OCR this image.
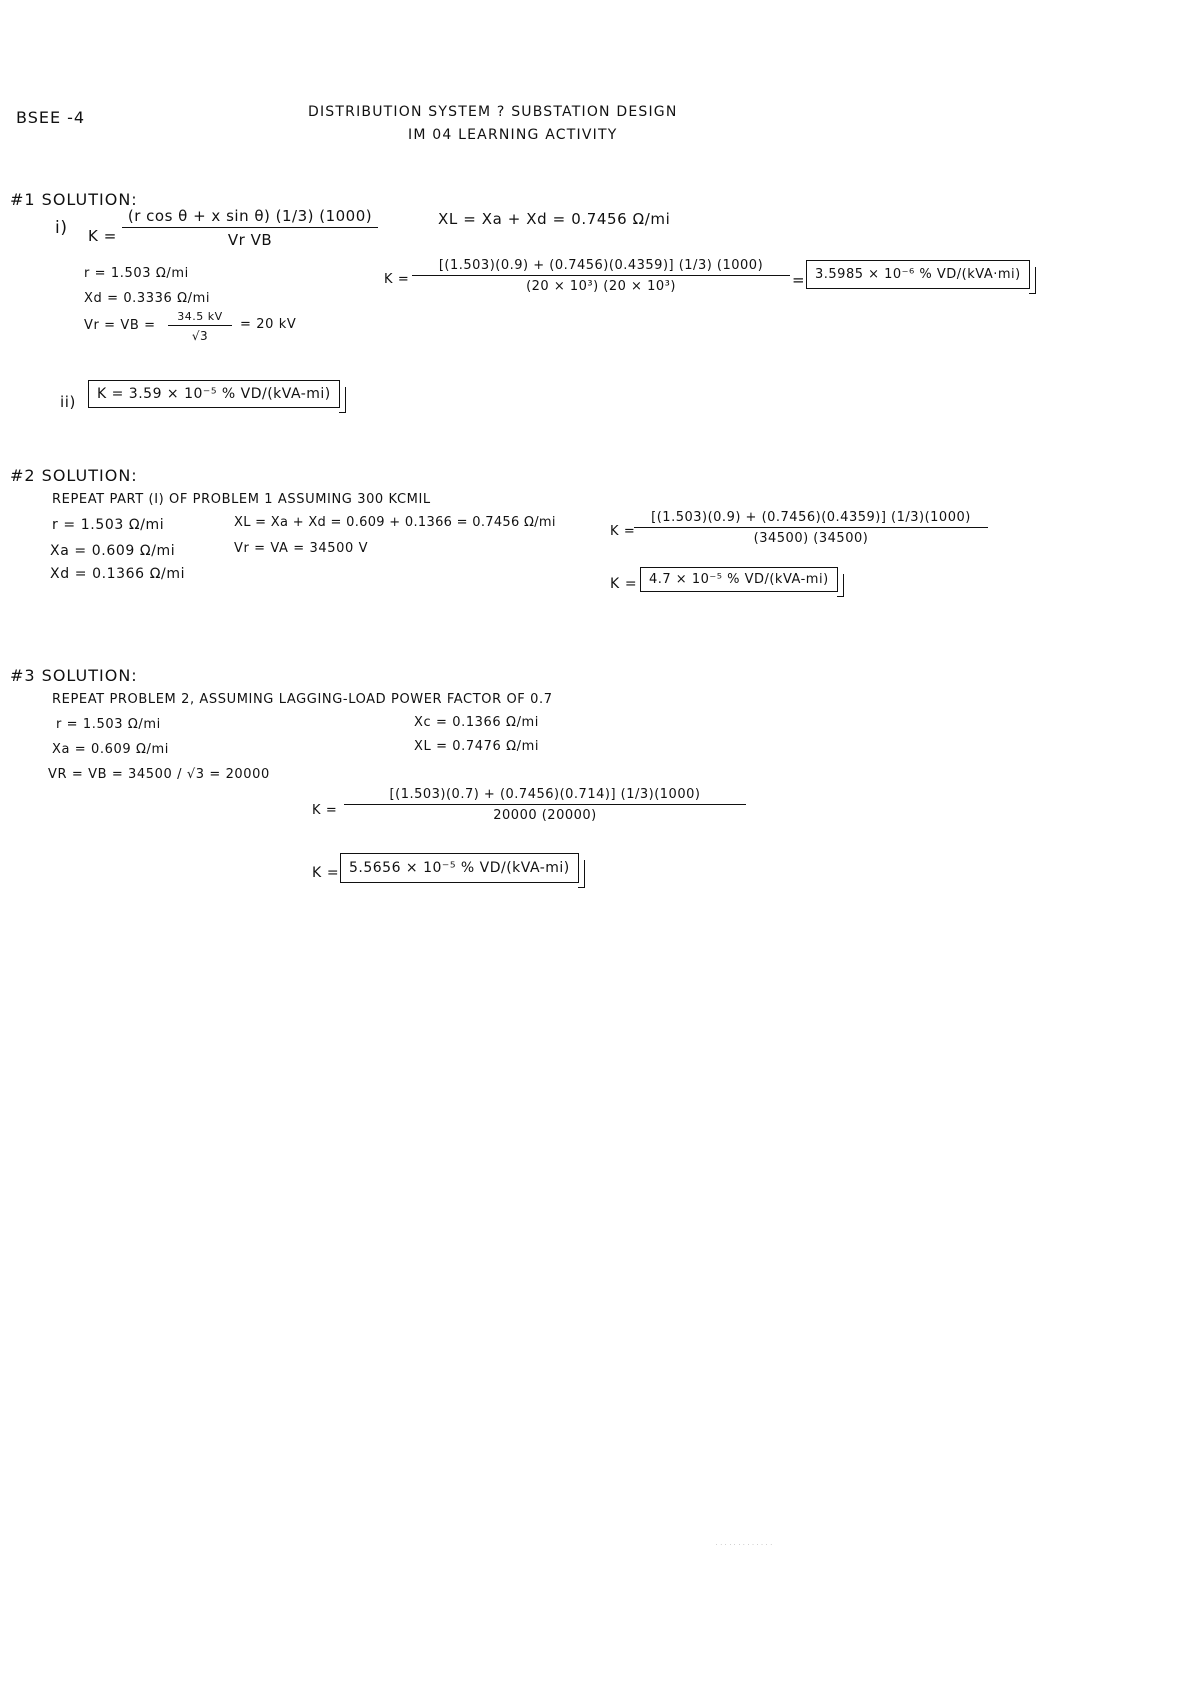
BSEE -4	DISTRIBUTION SYSTEM ? SUBSTATION DESIGN
IM 04 LEARNING ACTIVITY
#1 SOLUTION:
i) $K = \frac{\text{(r cos θ + x sin θ) (1/3) (1000)}}{\text{Vr VB}}$	XL = Xa + Xd = 0.7456 Ω/mi
r = 1.503 Ω/mi
Xd = 0.3336 Ω/mi
Vr = VB = $\frac{34.5 kV}{√3} = 20$ kV
$K = \frac{[(1.503)(0.9) + (0.7456)(0.4359)] (1/3) (1000)}{\text{(20 × 10³) (20 × 10³)}} = 3.5985 \times 10^{-6}$ % VD/(kVA·mi)
ii)	K = 3.59 × 10⁻⁵ % VD/(kVA-mi)
#2 SOLUTION:
REPEAT PART (I) OF PROBLEM 1 ASSUMING 300 KCMIL
r = 1.503 Ω/mi
Xa = 0.609 Ω/mi
Xd = 0.1366 Ω/mi
XL = Xa + Xd = 0.609 + 0.1366 = 0.7456 Ω/mi
Vr = VA = 34500 V
K =
$\frac{[(1.503)(0.9) + (0.7456)(0.4359)] (1/3)(1000)}{(34500) (34500)}$
K = 4.7 × 10⁻⁵ % VD/(kVA-mi)
#3 SOLUTION:
REPEAT PROBLEM 2, ASSUMING LAGGING-LOAD POWER FACTOR OF 0.7
r = 1.503 Ω/mi
Xa = 0.609 Ω/mi
VR = VB = 34500 / √3 = 20000
Xc = 0.1366 Ω/mi
XL = 0.7476 Ω/mi
$K = \frac{[(1.503)(0.7) + (0.7456)(0.714)] (1/3)(1000)}{20000 (20000)}$
K = 5.5656 × 10⁻⁵ % VD/(kVA-mi)
· · · · · · · · · · · · ·
